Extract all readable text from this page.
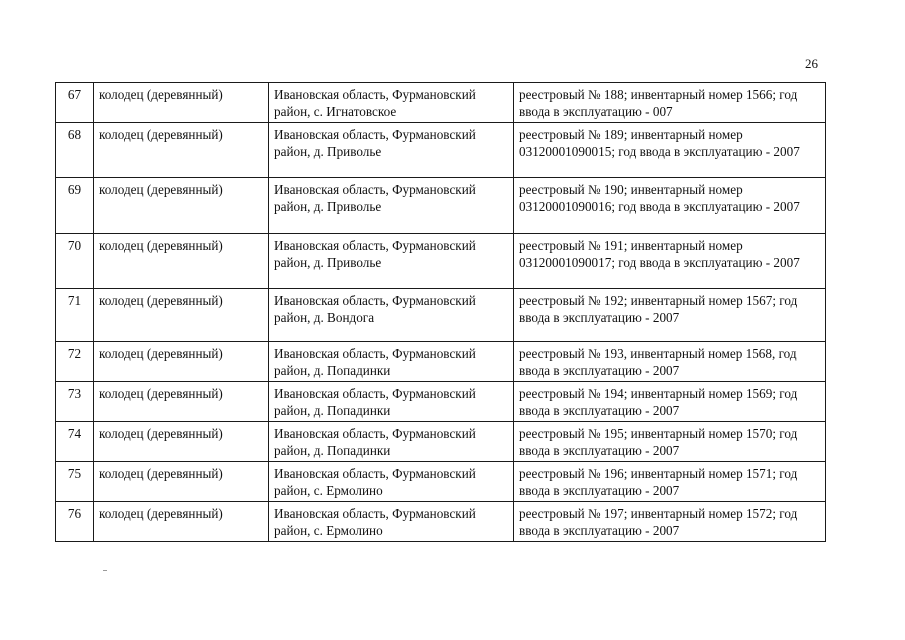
26
67	колодец (деревянный)	Ивановская область, Фурмановский район, с. Игнатовское	реестровый № 188; инвентарный номер 1566; год ввода в эксплуатацию - 007
68	колодец (деревянный)	Ивановская область, Фурмановский район, д. Приволье	реестровый № 189; инвентарный номер 03120001090015; год ввода в эксплуатацию - 2007
69	колодец (деревянный)	Ивановская область, Фурмановский район, д. Приволье	реестровый № 190; инвентарный номер 03120001090016; год ввода в эксплуатацию - 2007
70	колодец (деревянный)	Ивановская область, Фурмановский район, д. Приволье	реестровый № 191; инвентарный номер 03120001090017; год ввода в эксплуатацию - 2007
71	колодец (деревянный)	Ивановская область, Фурмановский район, д. Вондога	реестровый № 192; инвентарный номер 1567; год ввода в эксплуатацию - 2007
72	колодец (деревянный)	Ивановская область, Фурмановский район, д. Попадинки	реестровый № 193, инвентарный номер 1568, год ввода в эксплуатацию - 2007
73	колодец (деревянный)	Ивановская область, Фурмановский район, д. Попадинки	реестровый № 194; инвентарный номер 1569; год ввода в эксплуатацию - 2007
74	колодец (деревянный)	Ивановская область, Фурмановский район, д. Попадинки	реестровый № 195; инвентарный номер 1570; год ввода в эксплуатацию - 2007
75	колодец (деревянный)	Ивановская область, Фурмановский район, с. Ермолино	реестровый № 196; инвентарный номер 1571; год ввода в эксплуатацию - 2007
76	колодец (деревянный)	Ивановская область, Фурмановский район, с. Ермолино	реестровый № 197; инвентарный номер 1572; год ввода в эксплуатацию - 2007
